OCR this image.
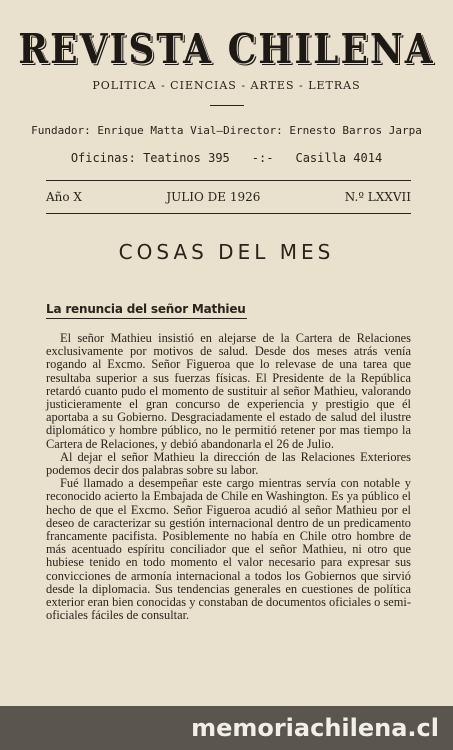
REVISTA CHILENA
POLITICA - CIENCIAS - ARTES - LETRAS
Fundador: Enrique Matta Vial—Director: Ernesto Barros Jarpa
Oficinas: Teatinos 395 -:- Casilla 4014
Año X	JULIO DE 1926	N.º LXXVII
COSAS DEL MES
La renuncia del señor Mathieu

El señor Mathieu insistió en alejarse de la Cartera de Relaciones exclusivamente por motivos de salud. Desde dos meses atrás venía rogando al Excmo. Señor Figueroa que lo relevase de una tarea que resultaba superior a sus fuerzas físicas. El Presidente de la República retardó cuanto pudo el momento de sustituir al señor Mathieu, valorando justicieramente el gran concurso de experiencia y prestigio que él aportaba a su Gobierno. Desgraciadamente el estado de salud del ilustre diplomático y hombre público, no le permitió retener por mas tiempo la Cartera de Relaciones, y debió abandonarla el 26 de Julio.

Al dejar el señor Mathieu la dirección de las Relaciones Exteriores podemos decir dos palabras sobre su labor.

Fué llamado a desempeñar este cargo mientras servía con notable y reconocido acierto la Embajada de Chile en Washington. Es ya público el hecho de que el Excmo. Señor Figueroa acudió al señor Mathieu por el deseo de caracterizar su gestión internacional dentro de un predicamento francamente pacifista. Posiblemente no había en Chile otro hombre de más acentuado espíritu conciliador que el señor Mathieu, ni otro que hubiese tenido en todo momento el valor necesario para expresar sus convicciones de armonía internacional a todos los Gobiernos que sirvió desde la diplomacia. Sus tendencias generales en cuestiones de política exterior eran bien conocidas y constaban de documentos oficiales o semi-oficiales fáciles de consultar.

memoriachilena.cl
